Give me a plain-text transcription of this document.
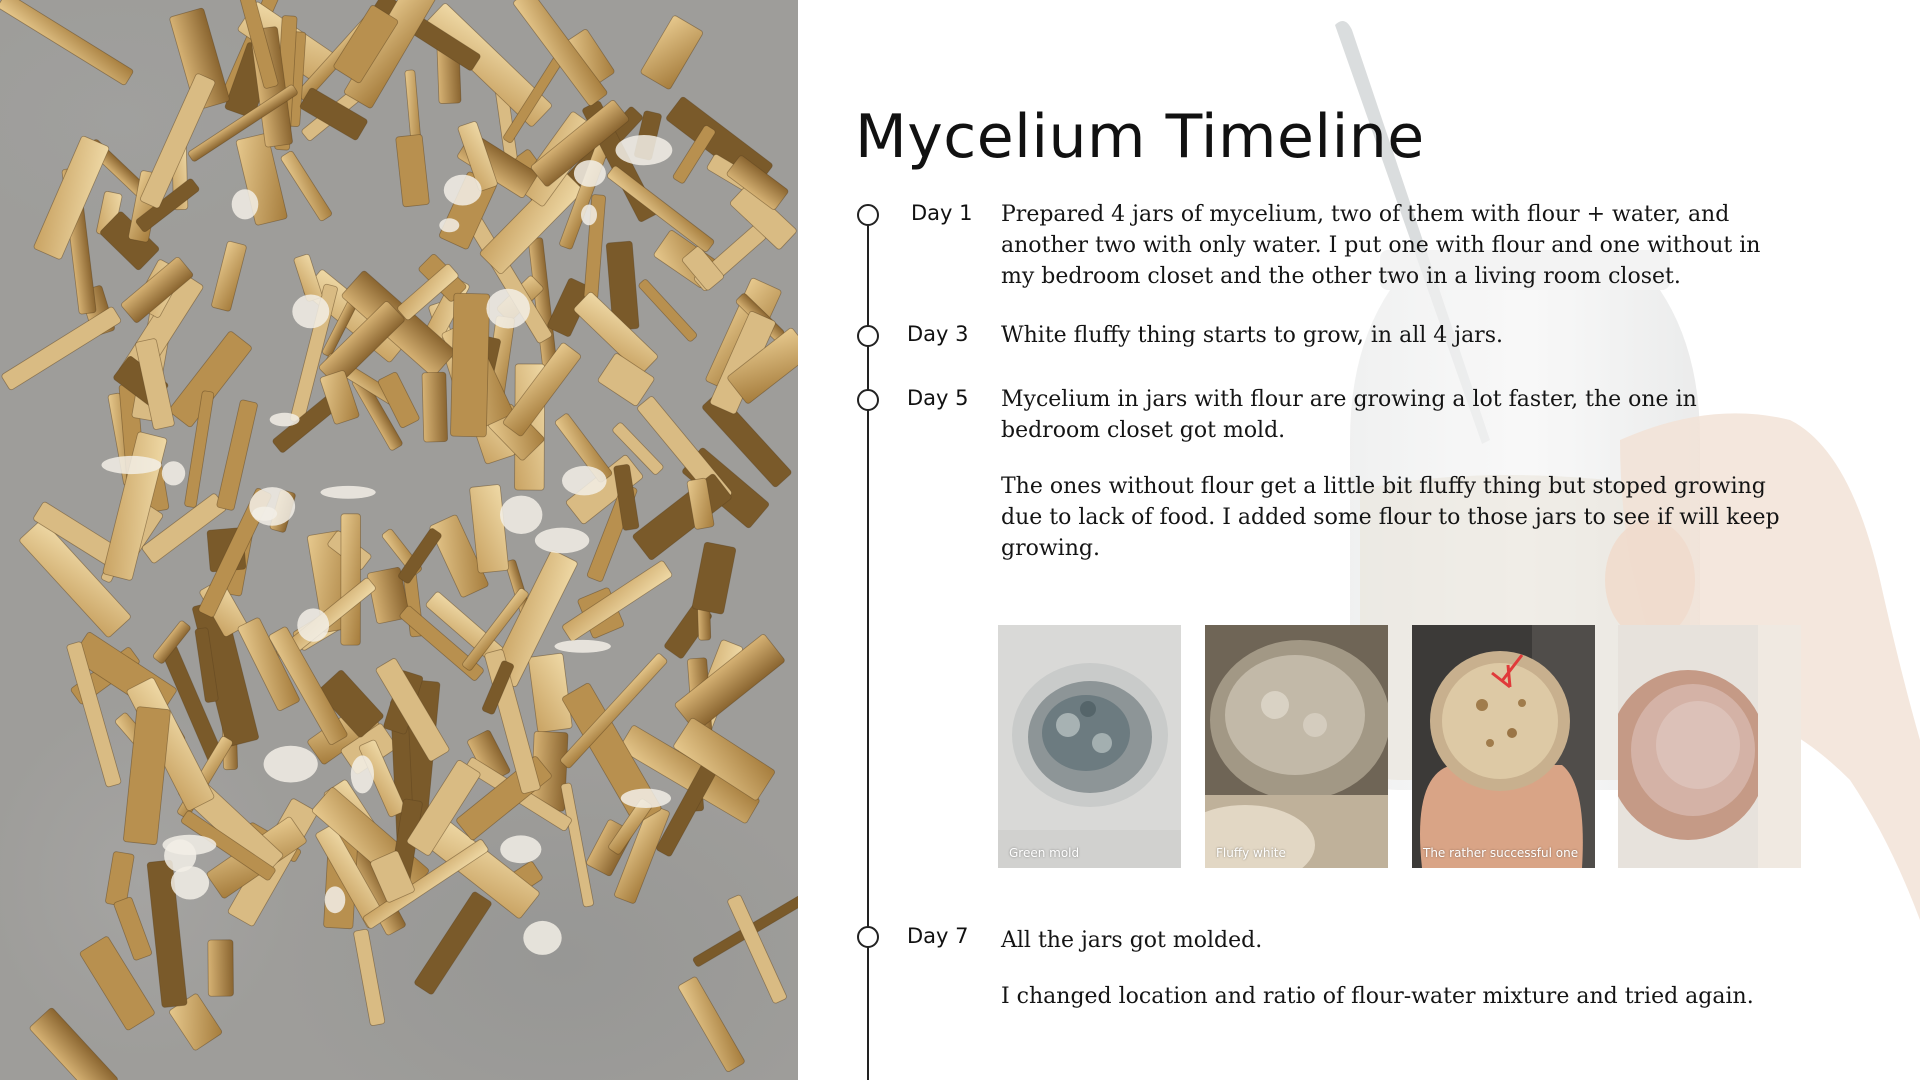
Mycelium Timeline
Day 1 Prepared 4 jars of mycelium, two of them with flour + water, and another two with only water. I put one with flour and one without in my bedroom closet and the other two in a living room closet.

Day 3 White fluffy thing starts to grow, in all 4 jars.

Day 5 Mycelium in jars with flour are growing a lot faster, the one in bedroom closet got mold.

The ones without flour get a little bit fluffy thing but stoped growing due to lack of food. I added some flour to those jars to see if will keep growing.

Green mold	Fluffy white	The rather successful one
Day 7 All the jars got molded.

I changed location and ratio of flour-water mixture and tried again.
